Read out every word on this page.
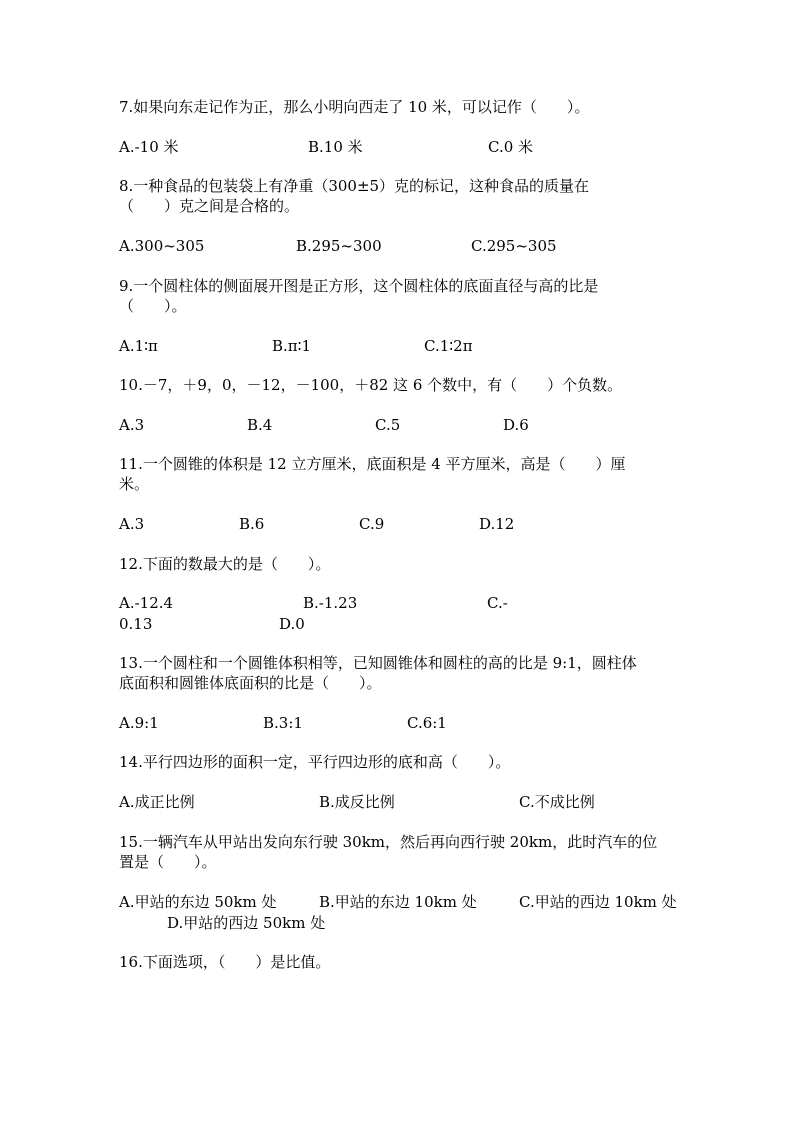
7.如果向东走记作为正，那么小明向西走了 10 米，可以记作（　　）。
A.-10 米	B.10 米	C.0 米
8.一种食品的包装袋上有净重（300±5）克的标记，这种食品的质量在
（　　）克之间是合格的。
A.300~305	B.295~300	C.295~305
9.一个圆柱体的侧面展开图是正方形，这个圆柱体的底面直径与高的比是
（　　）。
A.1∶π	B.π∶1	C.1∶2π
10.－7，＋9，0，－12，－100，＋82 这 6 个数中，有（　　）个负数。
A.3	B.4	C.5	D.6
11.一个圆锥的体积是 12 立方厘米，底面积是 4 平方厘米，高是（　　）厘
米。
A.3	B.6	C.9	D.12
12.下面的数最大的是（　　）。
A.-12.4	B.-1.23	C.-
0.13	D.0
13.一个圆柱和一个圆锥体积相等，已知圆锥体和圆柱的高的比是 9:1，圆柱体
底面积和圆锥体底面积的比是（　　）。
A.9:1	B.3:1	C.6:1
14.平行四边形的面积一定，平行四边形的底和高（　　）。
A.成正比例	B.成反比例	C.不成比例
15.一辆汽车从甲站出发向东行驶 30km，然后再向西行驶 20km，此时汽车的位
置是（　　）。
A.甲站的东边 50km 处	B.甲站的东边 10km 处	C.甲站的西边 10km 处
D.甲站的西边 50km 处
16.下面选项，（　　）是比值。
